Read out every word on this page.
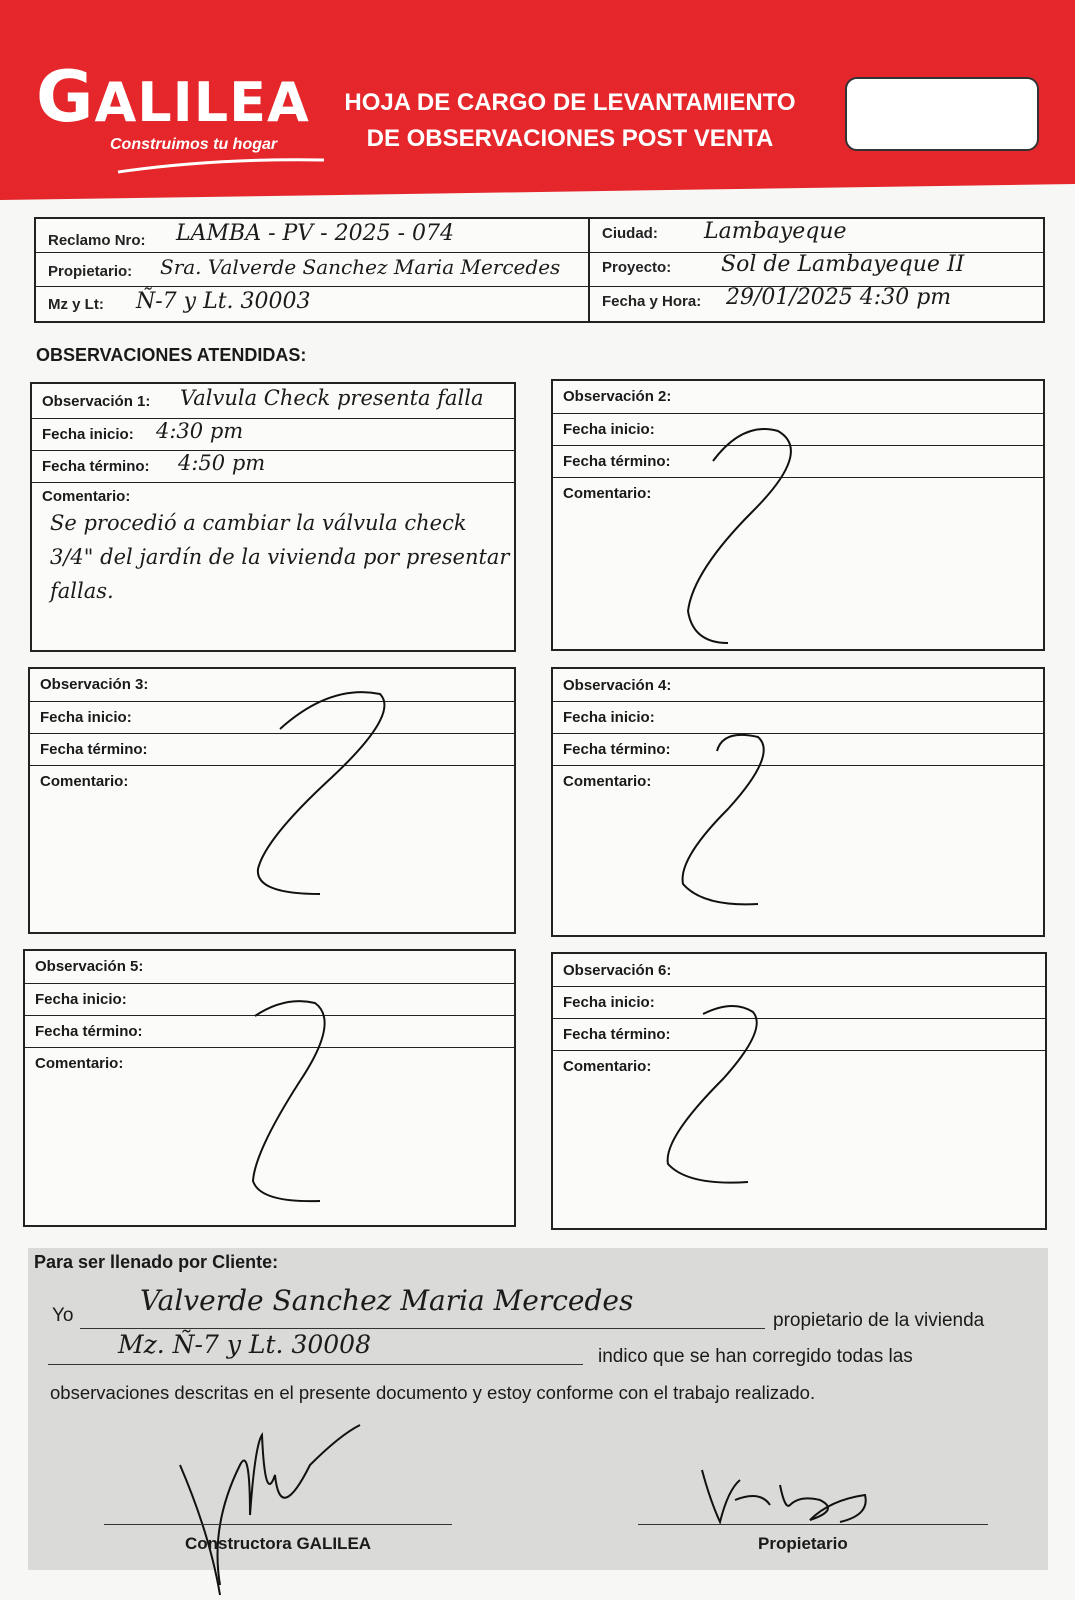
GALILEA
Construimos tu hogar
HOJA DE CARGO DE LEVANTAMIENTO
DE OBSERVACIONES POST VENTA
Reclamo Nro: LAMBA - PV - 2025 - 074
Propietario: Sra. Valverde Sanchez Maria Mercedes
Mz y Lt: Ñ-7 y Lt. 30003
Ciudad: Lambayeque
Proyecto: Sol de Lambayeque II
Fecha y Hora: 29/01/2025 4:30 pm
OBSERVACIONES ATENDIDAS:
Observación 1: Valvula Check presenta falla
Fecha inicio: 4:30 pm
Fecha término: 4:50 pm
Comentario:
Se procedió a cambiar la válvula check 3/4" del jardín de la vivienda por presentar fallas.
Observación 2:
Fecha inicio:
Fecha término:
Comentario:
Observación 3:
Fecha inicio:
Fecha término:
Comentario:
Observación 4:
Fecha inicio:
Fecha término:
Comentario:
Observación 5:
Fecha inicio:
Fecha término:
Comentario:
Observación 6:
Fecha inicio:
Fecha término:
Comentario:
Para ser llenado por Cliente:
Yo Valverde Sanchez Maria Mercedes
propietario de la vivienda
Mz. Ñ-7 y Lt. 30008	indico que se han corregido todas las
observaciones descritas en el presente documento y estoy conforme con el trabajo realizado.
Constructora GALILEA	Propietario
